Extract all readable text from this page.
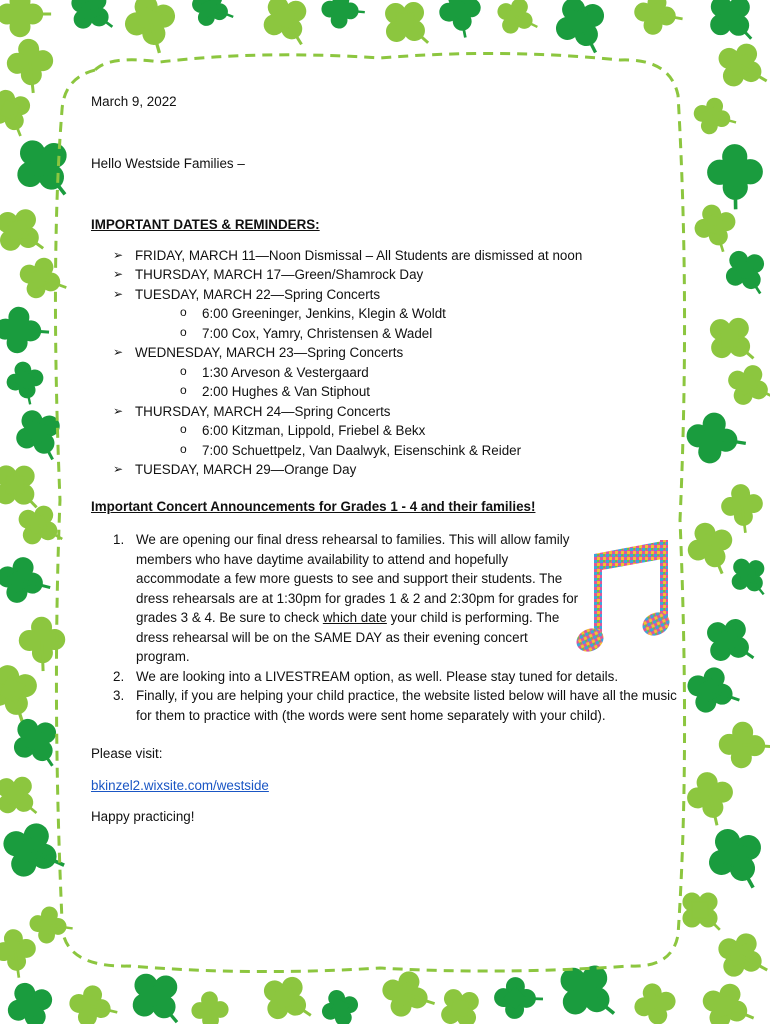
March 9, 2022

Hello Westside Families –

IMPORTANT DATES & REMINDERS:

➢ FRIDAY, MARCH 11—Noon Dismissal – All Students are dismissed at noon
➢ THURSDAY, MARCH 17—Green/Shamrock Day
➢ TUESDAY, MARCH 22—Spring Concerts
o 6:00 Greeninger, Jenkins, Klegin & Woldt
o 7:00 Cox, Yamry, Christensen & Wadel
➢ WEDNESDAY, MARCH 23—Spring Concerts
o 1:30 Arveson & Vestergaard
o 2:00 Hughes & Van Stiphout
➢ THURSDAY, MARCH 24—Spring Concerts
o 6:00 Kitzman, Lippold, Friebel & Bekx
o 7:00 Schuettpelz, Van Daalwyk, Eisenschink & Reider
➢ TUESDAY, MARCH 29—Orange Day

Important Concert Announcements for Grades 1 - 4 and their families!

1. We are opening our final dress rehearsal to families. This will allow family members who have daytime availability to attend and hopefully accommodate a few more guests to see and support their students. The dress rehearsals are at 1:30pm for grades 1 & 2 and 2:30pm for grades for grades 3 & 4. Be sure to check which date your child is performing. The dress rehearsal will be on the SAME DAY as their evening concert program.
2. We are looking into a LIVESTREAM option, as well. Please stay tuned for details.
3. Finally, if you are helping your child practice, the website listed below will have all the music for them to practice with (the words were sent home separately with your child).

Please visit:

bkinzel2.wixsite.com/westside

Happy practicing!
